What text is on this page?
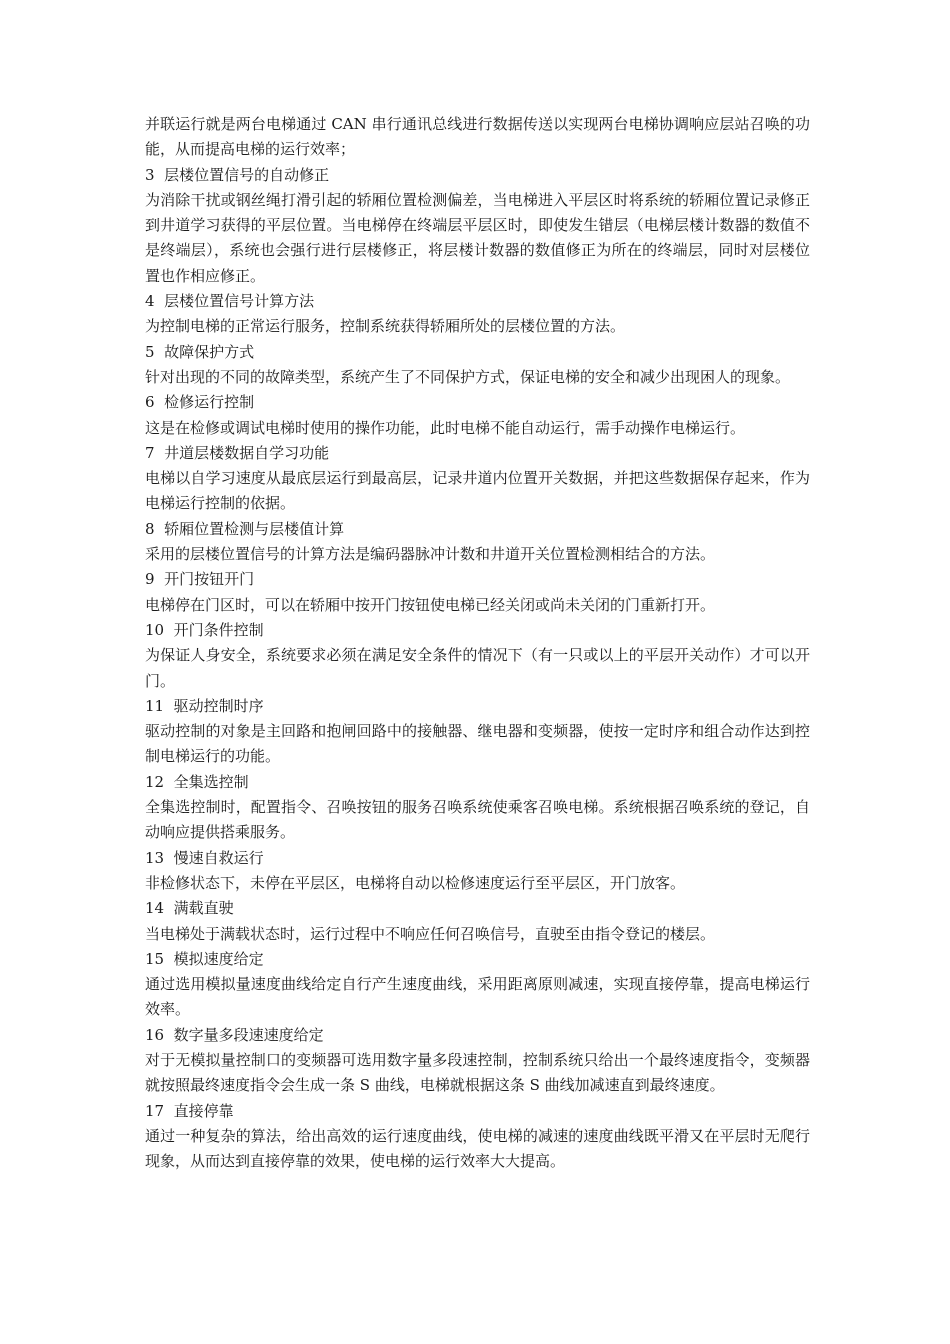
并联运行就是两台电梯通过 CAN 串行通讯总线进行数据传送以实现两台电梯协调响应层站召唤的功能，从而提高电梯的运行效率；

3  层楼位置信号的自动修正

为消除干扰或钢丝绳打滑引起的轿厢位置检测偏差，当电梯进入平层区时将系统的轿厢位置记录修正到井道学习获得的平层位置。当电梯停在终端层平层区时，即使发生错层（电梯层楼计数器的数值不是终端层），系统也会强行进行层楼修正，将层楼计数器的数值修正为所在的终端层，同时对层楼位置也作相应修正。

4  层楼位置信号计算方法

为控制电梯的正常运行服务，控制系统获得轿厢所处的层楼位置的方法。

5  故障保护方式

针对出现的不同的故障类型，系统产生了不同保护方式，保证电梯的安全和减少出现困人的现象。

6  检修运行控制

这是在检修或调试电梯时使用的操作功能，此时电梯不能自动运行，需手动操作电梯运行。

7  井道层楼数据自学习功能

电梯以自学习速度从最底层运行到最高层，记录井道内位置开关数据，并把这些数据保存起来，作为电梯运行控制的依据。

8  轿厢位置检测与层楼值计算

采用的层楼位置信号的计算方法是编码器脉冲计数和井道开关位置检测相结合的方法。

9  开门按钮开门

电梯停在门区时，可以在轿厢中按开门按钮使电梯已经关闭或尚未关闭的门重新打开。

10  开门条件控制

为保证人身安全，系统要求必须在满足安全条件的情况下（有一只或以上的平层开关动作）才可以开门。

11  驱动控制时序

驱动控制的对象是主回路和抱闸回路中的接触器、继电器和变频器，使按一定时序和组合动作达到控制电梯运行的功能。

12  全集选控制

全集选控制时，配置指令、召唤按钮的服务召唤系统使乘客召唤电梯。系统根据召唤系统的登记，自动响应提供搭乘服务。

13  慢速自救运行

非检修状态下，未停在平层区，电梯将自动以检修速度运行至平层区，开门放客。

14  满载直驶

当电梯处于满载状态时，运行过程中不响应任何召唤信号，直驶至由指令登记的楼层。

15  模拟速度给定

通过选用模拟量速度曲线给定自行产生速度曲线，采用距离原则减速，实现直接停靠，提高电梯运行效率。

16  数字量多段速速度给定

对于无模拟量控制口的变频器可选用数字量多段速控制，控制系统只给出一个最终速度指令，变频器就按照最终速度指令会生成一条 S 曲线，电梯就根据这条 S 曲线加减速直到最终速度。

17  直接停靠

通过一种复杂的算法，给出高效的运行速度曲线，使电梯的减速的速度曲线既平滑又在平层时无爬行现象，从而达到直接停靠的效果，使电梯的运行效率大大提高。
